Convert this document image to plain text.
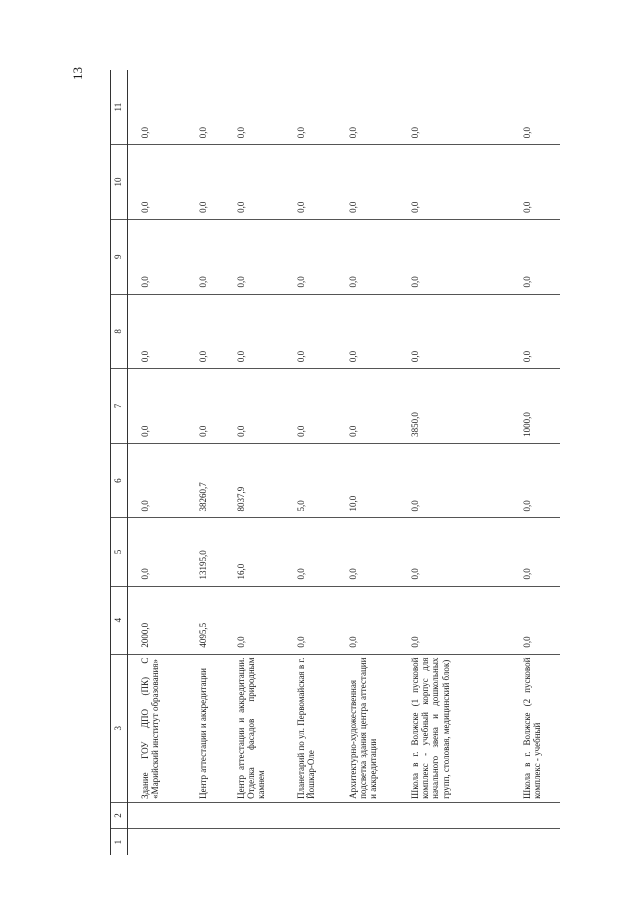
13
1	2	3	4	5	6	7	8	9	10	11
		Здание ГОУ ДПО (ПК) С «Марийский институт образования»	2000,0	0,0	0,0	0,0	0,0	0,0	0,0	0,0
		Центр аттестации и аккредитации	4095,5	13195,0	38260,7	0,0	0,0	0,0	0,0	0,0
		Центр аттестации и аккредитации. Отделка фасадов природным камнем	0,0	16,0	8037,9	0,0	0,0	0,0	0,0	0,0
		Планетарий по ул. Первомайская в г. Йошкар-Оле	0,0	0,0	5,0	0,0	0,0	0,0	0,0	0,0
		Архитектурно-художественная подсветка здания центра аттестации и аккредитации	0,0	0,0	10,0	0,0	0,0	0,0	0,0	0,0
		Школа в г. Волжске (1 пусковой комплекс - учебный корпус для начального звена и дошкольных групп, столовая, медицинский блок)	0,0	0,0	0,0	3850,0	0,0	0,0	0,0	0,0
		Школа в г. Волжске (2 пусковой комплекс - учебный	0,0	0,0	0,0	1000,0	0,0	0,0	0,0	0,0
